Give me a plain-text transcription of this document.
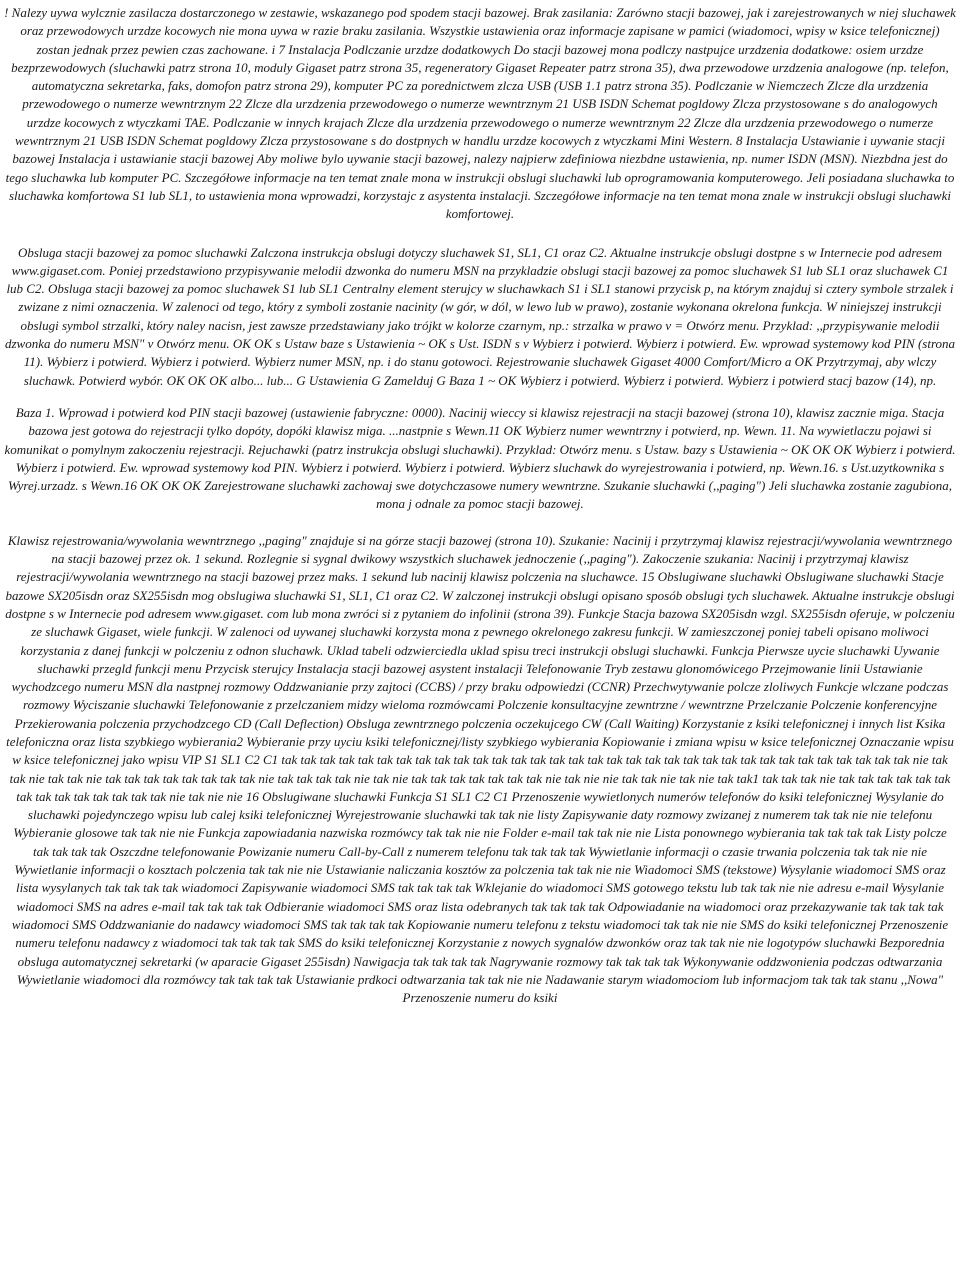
! Nalezy uywa wylcznie zasilacza dostarczonego w zestawie, wskazanego pod spodem stacji bazowej. Brak zasilania: Zarówno stacji bazowej, jak i zarejestrowanych w niej sluchawek oraz przewodowych urzdze kocowych nie mona uywa w razie braku zasilania. Wszystkie ustawienia oraz informacje zapisane w pamici (wiadomoci, wpisy w ksice telefonicznej) zostan jednak przez pewien czas zachowane. i 7 Instalacja Podlczanie urzdze dodatkowych Do stacji bazowej mona podlczy nastpujce urzdzenia dodatkowe: osiem urzdze bezprzewodowych (sluchawki patrz strona 10, moduly Gigaset patrz strona 35, regeneratory Gigaset Repeater patrz strona 35), dwa przewodowe urzdzenia analogowe (np. telefon, automatyczna sekretarka, faks, domofon patrz strona 29), komputer PC za porednictwem zlcza USB (USB 1.1 patrz strona 35). Podlczanie w Niemczech Zlcze dla urzdzenia przewodowego o numerze wewntrznym 22 Zlcze dla urzdzenia przewodowego o numerze wewntrznym 21 USB ISDN Schemat pogldowy Zlcza przystosowane s do analogowych urzdze kocowych z wtyczkami TAE. Podlczanie w innych krajach Zlcze dla urzdzenia przewodowego o numerze wewntrznym 22 Zlcze dla urzdzenia przewodowego o numerze wewntrznym 21 USB ISDN Schemat pogldowy Zlcza przystosowane s do dostpnych w handlu urzdze kocowych z wtyczkami Mini Western. 8 Instalacja Ustawianie i uywanie stacji bazowej Instalacja i ustawianie stacji bazowej Aby moliwe bylo uywanie stacji bazowej, nalezy najpierw zdefiniowa niezbdne ustawienia, np. numer ISDN (MSN). Niezbdna jest do tego sluchawka lub komputer PC. Szczegółowe informacje na ten temat znale mona w instrukcji obslugi sluchawki lub oprogramowania komputerowego. Jeli posiadana sluchawka to sluchawka komfortowa S1 lub SL1, to ustawienia mona wprowadzi, korzystajc z asystenta instalacji. Szczegółowe informacje na ten temat mona znale w instrukcji obslugi sluchawki komfortowej.

Obsluga stacji bazowej za pomoc sluchawki Zalczona instrukcja obslugi dotyczy sluchawek S1, SL1, C1 oraz C2. Aktualne instrukcje obslugi dostpne s w Internecie pod adresem www.gigaset.com. Poniej przedstawiono przypisywanie melodii dzwonka do numeru MSN na przykladzie obslugi stacji bazowej za pomoc sluchawek S1 lub SL1 oraz sluchawek C1 lub C2. Obsluga stacji bazowej za pomoc sluchawek S1 lub SL1 Centralny element sterujcy w sluchawkach S1 i SL1 stanowi przycisk p, na którym znajduj si cztery symbole strzalek i zwizane z nimi oznaczenia. W zalenoci od tego, który z symboli zostanie nacinity (w gór, w dól, w lewo lub w prawo), zostanie wykonana okrelona funkcja. W niniejszej instrukcji obslugi symbol strzalki, który naley nacisn, jest zawsze przedstawiany jako trójkt w kolorze czarnym, np.: strzalka w prawo v = Otwórz menu. Przyklad: ,,przypisywanie melodii dzwonka do numeru MSN" v Otwórz menu. OK OK s Ustaw baze s Ustawienia ~ OK s Ust. ISDN s v Wybierz i potwierd. Wybierz i potwierd. Ew. wprowad systemowy kod PIN (strona 11). Wybierz i potwierd. Wybierz i potwierd. Wybierz numer MSN, np. i do stanu gotowoci. Rejestrowanie sluchawek Gigaset 4000 Comfort/Micro a OK Przytrzymaj, aby wlczy sluchawk. Potwierd wybór. OK OK OK albo... lub... G Ustawienia G Zamelduj G Baza 1 ~ OK Wybierz i potwierd. Wybierz i potwierd. Wybierz i potwierd stacj bazow (14), np.

Baza 1. Wprowad i potwierd kod PIN stacji bazowej (ustawienie fabryczne: 0000). Nacinij wieccy si klawisz rejestracji na stacji bazowej (strona 10), klawisz zacznie miga. Stacja bazowa jest gotowa do rejestracji tylko dopóty, dopóki klawisz miga. ...nastpnie s Wewn.11 OK Wybierz numer wewntrzny i potwierd, np. Wewn. 11. Na wywietlaczu pojawi si komunikat o pomylnym zakoczeniu rejestracji. Rejuchawki (patrz instrukcja obslugi sluchawki). Przyklad: Otwórz menu. s Ustaw. bazy s Ustawienia ~ OK OK OK Wybierz i potwierd. Wybierz i potwierd. Ew. wprowad systemowy kod PIN. Wybierz i potwierd. Wybierz i potwierd. Wybierz sluchawk do wyrejestrowania i potwierd, np. Wewn.16. s Ust.uzytkownika s Wyrej.urzadz. s Wewn.16 OK OK OK Zarejestrowane sluchawki zachowaj swe dotychczasowe numery wewntrzne. Szukanie sluchawki (,,paging") Jeli sluchawka zostanie zagubiona, mona j odnale za pomoc stacji bazowej.

Klawisz rejestrowania/wywolania wewntrznego ,,paging" znajduje si na górze stacji bazowej (strona 10). Szukanie: Nacinij i przytrzymaj klawisz rejestracji/wywolania wewntrznego na stacji bazowej przez ok. 1 sekund. Rozlegnie si sygnal dwikowy wszystkich sluchawek jednoczenie (,,paging"). Zakoczenie szukania: Nacinij i przytrzymaj klawisz rejestracji/wywolania wewntrznego na stacji bazowej przez maks. 1 sekund lub nacinij klawisz polczenia na sluchawce. 15 Obslugiwane sluchawki Obslugiwane sluchawki Stacje bazowe SX205isdn oraz SX255isdn mog obslugiwa sluchawki S1, SL1, C1 oraz C2. W zalczonej instrukcji obslugi opisano sposób obslugi tych sluchawek. Aktualne instrukcje obslugi dostpne s w Internecie pod adresem www.gigaset. com lub mona zwróci si z pytaniem do infolinii (strona 39). Funkcje Stacja bazowa SX205isdn wzgl. SX255isdn oferuje, w polczeniu ze sluchawk Gigaset, wiele funkcji. W zalenoci od uywanej sluchawki korzysta mona z pewnego okrelonego zakresu funkcji. W zamieszczonej poniej tabeli opisano moliwoci korzystania z danej funkcji w polczeniu z odnon sluchawk. Uklad tabeli odzwierciedla uklad spisu treci instrukcji obslugi sluchawki. Funkcja Pierwsze uycie sluchawki Uywanie sluchawki przegld funkcji menu Przycisk sterujcy Instalacja stacji bazowej asystent instalacji Telefonowanie Tryb zestawu glonomówicego Przejmowanie linii Ustawianie wychodzcego numeru MSN dla nastpnej rozmowy Oddzwanianie przy zajtoci (CCBS) / przy braku odpowiedzi (CCNR) Przechwytywanie polcze zloliwych Funkcje wlczane podczas rozmowy Wyciszanie sluchawki Telefonowanie z przelczaniem midzy wieloma rozmówcami Polczenie konsultacyjne zewntrzne / wewntrzne Przelczanie Polczenie konferencyjne Przekierowania polczenia przychodzcego CD (Call Deflection) Obsluga zewntrznego polczenia oczekujcego CW (Call Waiting) Korzystanie z ksiki telefonicznej i innych list Ksika telefoniczna oraz lista szybkiego wybierania2 Wybieranie przy uyciu ksiki telefonicznej/listy szybkiego wybierania Kopiowanie i zmiana wpisu w ksice telefonicznej Oznaczanie wpisu w ksice telefonicznej jako wpisu VIP S1 SL1 C2 C1 tak tak tak tak tak tak tak tak tak tak tak tak tak tak tak tak tak tak tak tak tak tak tak tak tak tak tak tak tak tak tak tak tak nie tak tak nie tak tak nie tak tak tak tak tak tak tak tak nie tak tak tak tak nie tak nie tak tak tak tak tak tak tak nie tak nie nie tak tak nie tak nie tak tak1 tak tak tak nie tak tak tak tak tak tak tak tak tak tak tak tak tak tak nie tak nie nie 16 Obslugiwane sluchawki Funkcja S1 SL1 C2 C1 Przenoszenie wywietlonych numerów telefonów do ksiki telefonicznej Wysylanie do sluchawki pojedynczego wpisu lub calej ksiki telefonicznej Wyrejestrowanie sluchawki tak tak nie listy Zapisywanie daty rozmowy zwizanej z numerem tak tak nie nie telefonu Wybieranie glosowe tak tak nie nie Funkcja zapowiadania nazwiska rozmówcy tak tak nie nie Folder e-mail tak tak nie nie Lista ponownego wybierania tak tak tak tak Listy polcze tak tak tak tak Oszczdne telefonowanie Powizanie numeru Call-by-Call z numerem telefonu tak tak tak tak Wywietlanie informacji o czasie trwania polczenia tak tak nie nie Wywietlanie informacji o kosztach polczenia tak tak nie nie Ustawianie naliczania kosztów za polczenia tak tak nie nie Wiadomoci SMS (tekstowe) Wysylanie wiadomoci SMS oraz lista wysylanych tak tak tak tak wiadomoci Zapisywanie wiadomoci SMS tak tak tak tak Wklejanie do wiadomoci SMS gotowego tekstu lub tak tak nie nie adresu e-mail Wysylanie wiadomoci SMS na adres e-mail tak tak tak tak Odbieranie wiadomoci SMS oraz lista odebranych tak tak tak tak Odpowiadanie na wiadomoci oraz przekazywanie tak tak tak tak wiadomoci SMS Oddzwanianie do nadawcy wiadomoci SMS tak tak tak tak Kopiowanie numeru telefonu z tekstu wiadomoci tak tak nie nie SMS do ksiki telefonicznej Przenoszenie numeru telefonu nadawcy z wiadomoci tak tak tak tak SMS do ksiki telefonicznej Korzystanie z nowych sygnalów dzwonków oraz tak tak nie nie logotypów sluchawki Bezporednia obsluga automatycznej sekretarki (w aparacie Gigaset 255isdn) Nawigacja tak tak tak tak Nagrywanie rozmowy tak tak tak tak Wykonywanie oddzwonienia podczas odtwarzania Wywietlanie wiadomoci dla rozmówcy tak tak tak tak Ustawianie prdkoci odtwarzania tak tak nie nie Nadawanie starym wiadomociom lub informacjom tak tak tak stanu ,,Nowa" Przenoszenie numeru do ksiki
